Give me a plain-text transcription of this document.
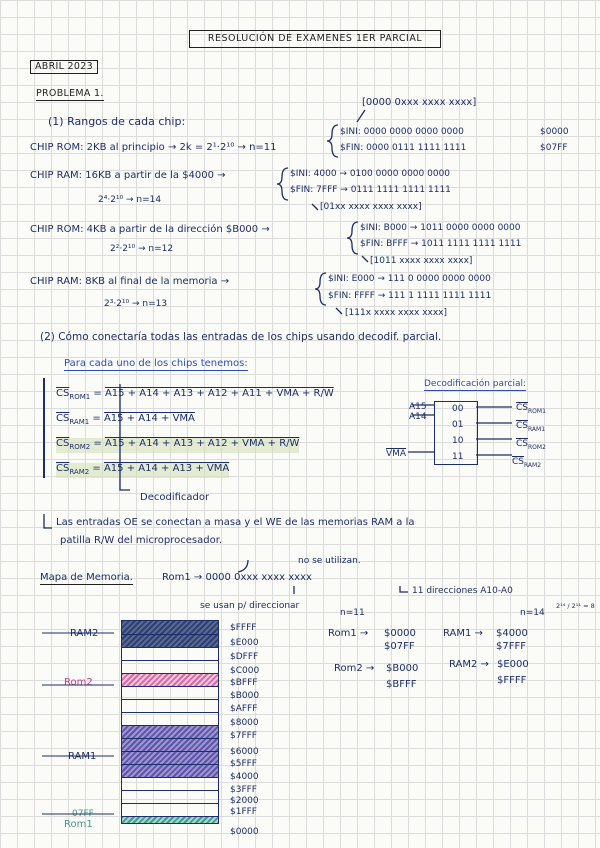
RESOLUCIÓN DE EXAMENES 1ER PARCIAL
ABRIL 2023
PROBLEMA 1.
(1) Rangos de cada chip:
[0000 0xxx xxxx xxxx]
CHIP ROM: 2KB al principio → 2k = 2¹·2¹⁰ → n=11
$INI: 0000 0000 0000 0000	$0000
$FIN: 0000 0111 1111 1111	$07FF
CHIP RAM: 16KB a partir de la $4000 →
2⁴·2¹⁰ → n=14
$INI: 4000 → 0100 0000 0000 0000
$FIN: 7FFF → 0111 1111 1111 1111
[01xx xxxx xxxx xxxx]
CHIP ROM: 4KB a partir de la dirección $B000 →
2²·2¹⁰ → n=12
$INI: B000 → 1011 0000 0000 0000
$FIN: BFFF → 1011 1111 1111 1111
[1011 xxxx xxxx xxxx]
CHIP RAM: 8KB al final de la memoria →
2³·2¹⁰ → n=13
$INI: E000 → 111 0 0000 0000 0000
$FIN: FFFF → 111 1 1111 1111 1111
[111x xxxx xxxx xxxx]
(2) Cómo conectaría todas las entradas de los chips usando decodif. parcial.
Para cada uno de los chips tenemos:
$\overline{CS}_{ROM1} = A15 + A14 + A13 + A12 + A11$ + VMA + R/W
$\overline{CS}_{RAM1} = A15 + A14$ + VMA
$\overline{CS}_{ROM2} = A15 + A14 + A13 + A12$ + VMA + R/W
$\overline{CS}_{RAM2} = A15 + A14 + A13$ + VMA
Decodificador
Decodificación parcial:
A15
A14
$\overline{VMA}$
00
01
10
11
$\overline{CS}_{ROM1}$
$\overline{CS}_{RAM1}$
$\overline{CS}_{ROM2}$
$\overline{CS}_{RAM2}$
Las entradas OE se conectan a masa y el WE de las memorias RAM a la
patilla R/W del microprocesador.
Mapa de Memoria.	Rom1 → 0000 0xxx xxxx xxxx
no se utilizan.
se usan p/ direccionar
11 direcciones A10-A0
n=11	n=14
2¹⁴ / 2¹¹ = 8
Rom1 → $0000
$07FF
RAM1 → $4000
$7FFF
Rom2 → $B000
$BFFF
RAM2 → $E000
$FFFF
$FFFF
$E000
$DFFF
$C000
$BFFF
$B000
$AFFF
$8000
$7FFF
$6000
$5FFF
$4000
$3FFF
$2000
$1FFF
$0000
RAM2
Rom2
RAM1
07FF
Rom1
